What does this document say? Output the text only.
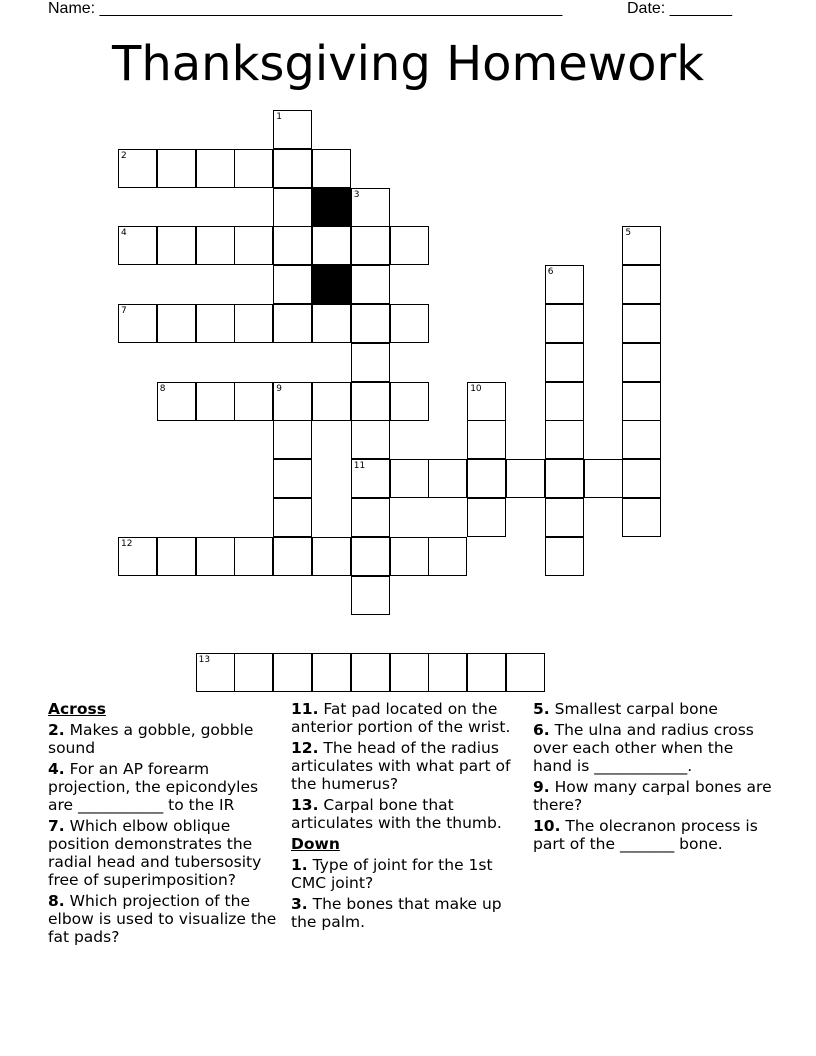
Name: ____________________________________________________	Date: _______
Thanksgiving Homework
1
2
3
4	5
6
7
8	9	10
11
12
13
Across
2. Makes a gobble, gobble sound
4. For an AP forearm projection, the epicondyles are ___________ to the IR
7. Which elbow oblique position demonstrates the radial head and tubersosity free of superimposition?
8. Which projection of the elbow is used to visualize the fat pads?
11. Fat pad located on the anterior portion of the wrist.
12. The head of the radius articulates with what part of the humerus?
13. Carpal bone that articulates with the thumb.
Down
1. Type of joint for the 1st CMC joint?
3. The bones that make up the palm.
5. Smallest carpal bone
6. The ulna and radius cross over each other when the hand is ____________.
9. How many carpal bones are there?
10. The olecranon process is part of the _______ bone.
